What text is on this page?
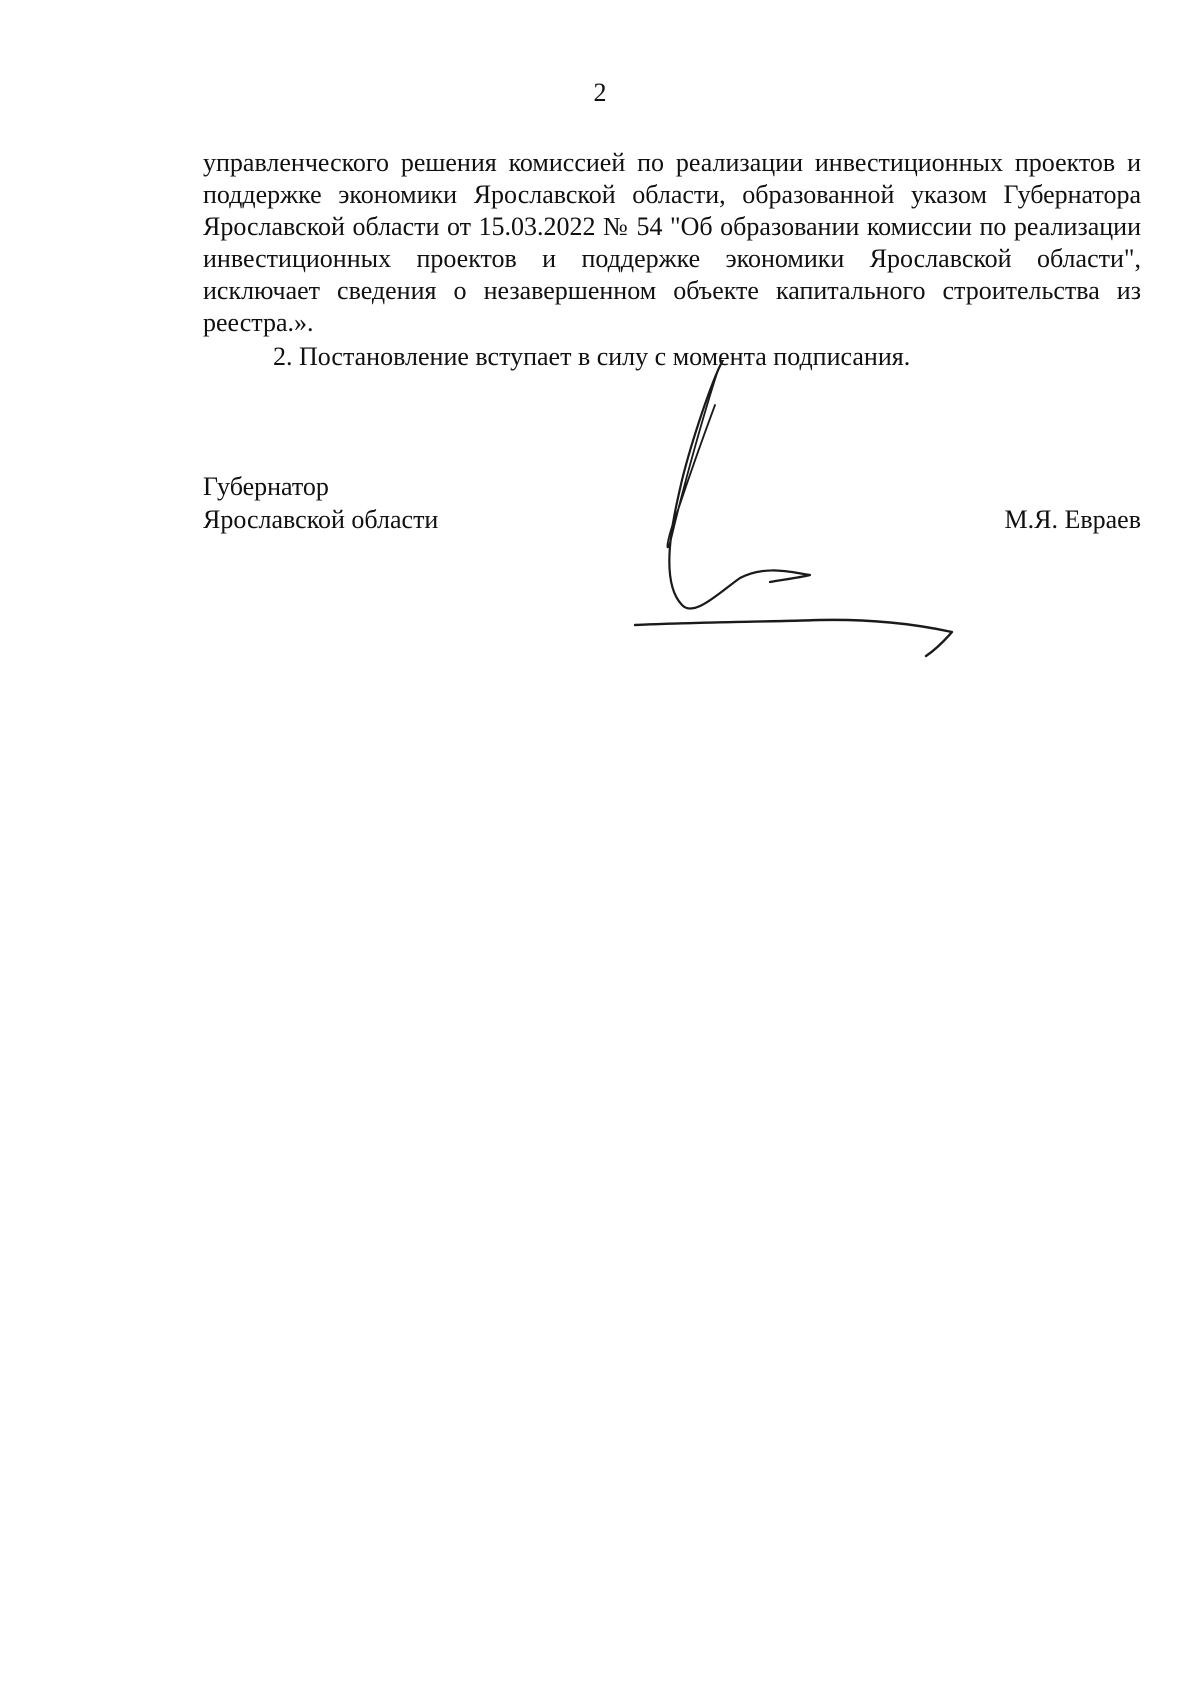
2

управленческого решения комиссией по реализации инвестиционных проектов и поддержке экономики Ярославской области, образованной указом Губернатора Ярославской области от 15.03.2022 № 54 "Об образовании комиссии по реализации инвестиционных проектов и поддержке экономики Ярославской области", исключает сведения о незавершенном объекте капитального строительства из реестра.».

2. Постановление вступает в силу с момента подписания.

Губернатор
Ярославской области	М.Я. Евраев
